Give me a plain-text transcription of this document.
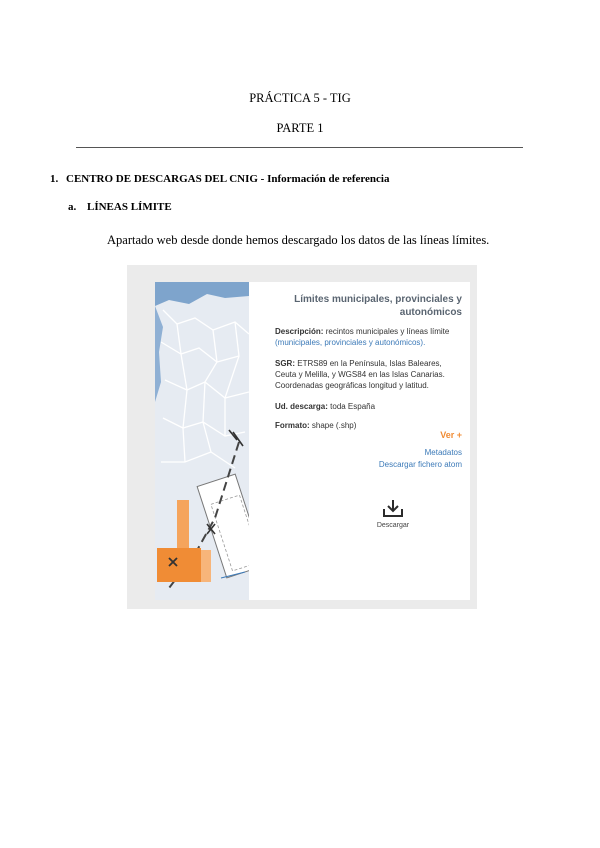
PRÁCTICA 5 - TIG
PARTE 1
1. CENTRO DE DESCARGAS DEL CNIG - Información de referencia
a. LÍNEAS LÍMITE
Apartado web desde donde hemos descargado los datos de las líneas límites.
Límites municipales, provinciales y autonómicos
Descripción: recintos municipales y líneas límite (municipales, provinciales y autonómicos).
SGR: ETRS89 en la Península, Islas Baleares, Ceuta y Melilla, y WGS84 en las Islas Canarias. Coordenadas geográficas longitud y latitud.
Ud. descarga: toda España
Formato: shape (.shp)
Ver +
Metadatos
Descargar fichero atom
Descargar
